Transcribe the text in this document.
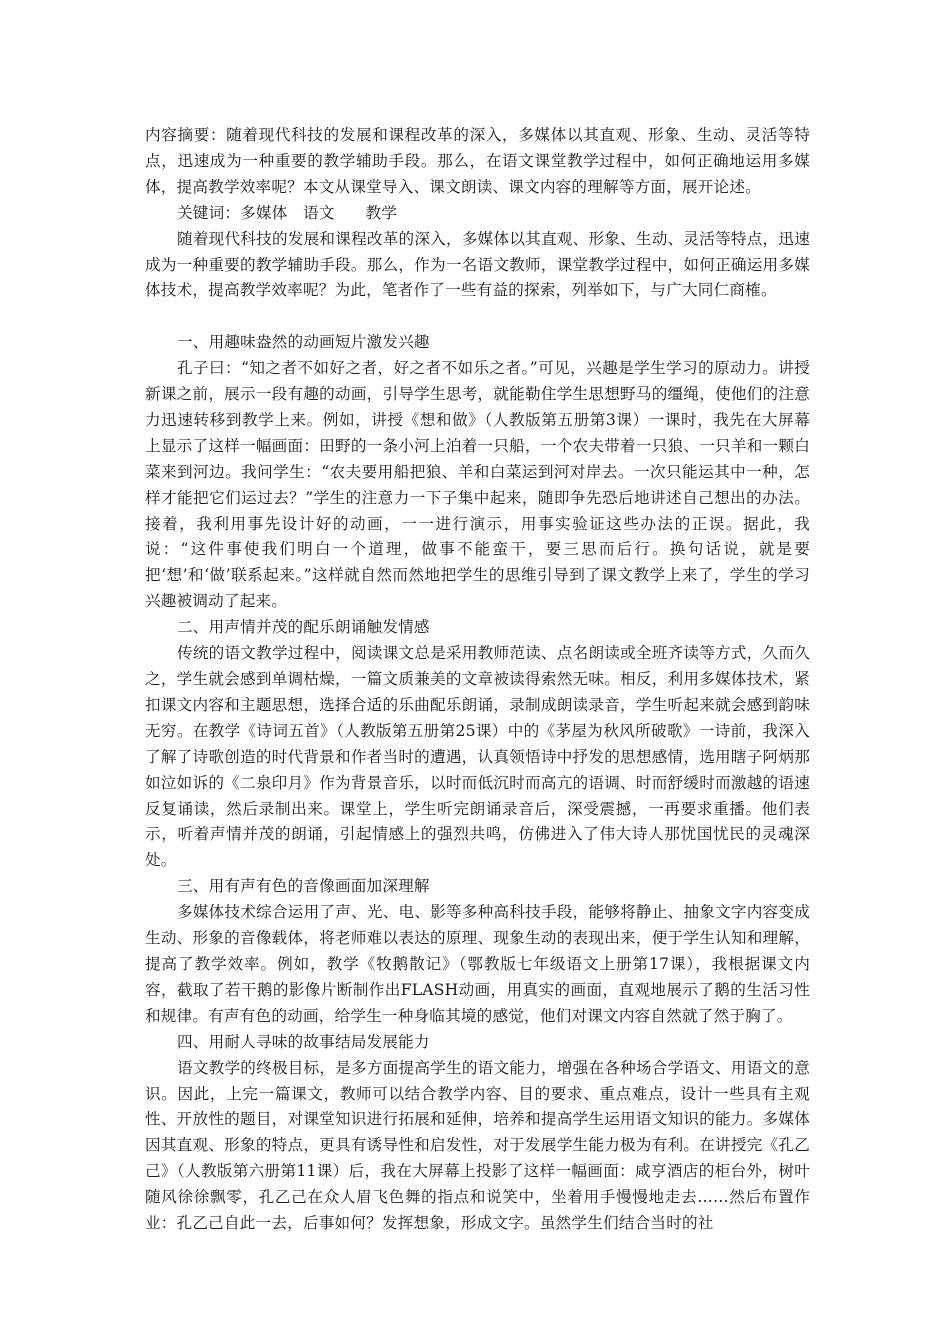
内容摘要：随着现代科技的发展和课程改革的深入，多媒体以其直观、形象、生动、灵活等特点，迅速成为一种重要的教学辅助手段。那么，在语文课堂教学过程中，如何正确地运用多媒体，提高教学效率呢？本文从课堂导入、课文朗读、课文内容的理解等方面，展开论述。

关键词：多媒体   语文      教学

随着现代科技的发展和课程改革的深入，多媒体以其直观、形象、生动、灵活等特点，迅速成为一种重要的教学辅助手段。那么，作为一名语文教师，课堂教学过程中，如何正确运用多媒体技术，提高教学效率呢？为此，笔者作了一些有益的探索，列举如下，与广大同仁商榷。

一、用趣味盎然的动画短片激发兴趣

孔子曰：“知之者不如好之者，好之者不如乐之者。”可见，兴趣是学生学习的原动力。讲授新课之前，展示一段有趣的动画，引导学生思考，就能勒住学生思想野马的缰绳，使他们的注意力迅速转移到教学上来。例如，讲授《想和做》（人教版第五册第3课）一课时，我先在大屏幕上显示了这样一幅画面：田野的一条小河上泊着一只船，一个农夫带着一只狼、一只羊和一颗白菜来到河边。我问学生：“农夫要用船把狼、羊和白菜运到河对岸去。一次只能运其中一种，怎样才能把它们运过去？”学生的注意力一下子集中起来，随即争先恐后地讲述自己想出的办法。接着，我利用事先设计好的动画，一一进行演示，用事实验证这些办法的正误。据此，我说：“这件事使我们明白一个道理，做事不能蛮干，要三思而后行。换句话说，就是要把‘想’和‘做’联系起来。”这样就自然而然地把学生的思维引导到了课文教学上来了，学生的学习兴趣被调动了起来。

二、用声情并茂的配乐朗诵触发情感

传统的语文教学过程中，阅读课文总是采用教师范读、点名朗读或全班齐读等方式，久而久之，学生就会感到单调枯燥，一篇文质兼美的文章被读得索然无味。相反，利用多媒体技术，紧扣课文内容和主题思想，选择合适的乐曲配乐朗诵，录制成朗读录音，学生听起来就会感到韵味无穷。在教学《诗词五首》（人教版第五册第25课）中的《茅屋为秋风所破歌》一诗前，我深入了解了诗歌创造的时代背景和作者当时的遭遇，认真领悟诗中抒发的思想感情，选用瞎子阿炳那如泣如诉的《二泉印月》作为背景音乐，以时而低沉时而高亢的语调、时而舒缓时而激越的语速反复诵读，然后录制出来。课堂上，学生听完朗诵录音后，深受震撼，一再要求重播。他们表示，听着声情并茂的朗诵，引起情感上的强烈共鸣，仿佛进入了伟大诗人那忧国忧民的灵魂深处。

三、用有声有色的音像画面加深理解

多媒体技术综合运用了声、光、电、影等多种高科技手段，能够将静止、抽象文字内容变成生动、形象的音像载体，将老师难以表达的原理、现象生动的表现出来，便于学生认知和理解，提高了教学效率。例如，教学《牧鹅散记》（鄂教版七年级语文上册第17课），我根据课文内容，截取了若干鹅的影像片断制作出FLASH动画，用真实的画面，直观地展示了鹅的生活习性和规律。有声有色的动画，给学生一种身临其境的感觉，他们对课文内容自然就了然于胸了。

四、用耐人寻味的故事结局发展能力

语文教学的终极目标，是多方面提高学生的语文能力，增强在各种场合学语文、用语文的意识。因此，上完一篇课文，教师可以结合教学内容、目的要求、重点难点，设计一些具有主观性、开放性的题目，对课堂知识进行拓展和延伸，培养和提高学生运用语文知识的能力。多媒体因其直观、形象的特点，更具有诱导性和启发性，对于发展学生能力极为有利。在讲授完《孔乙己》（人教版第六册第11课）后，我在大屏幕上投影了这样一幅画面：咸亨酒店的柜台外，树叶随风徐徐飘零，孔乙己在众人眉飞色舞的指点和说笑中，坐着用手慢慢地走去……然后布置作业：孔乙己自此一去，后事如何？发挥想象，形成文字。虽然学生们结合当时的社
